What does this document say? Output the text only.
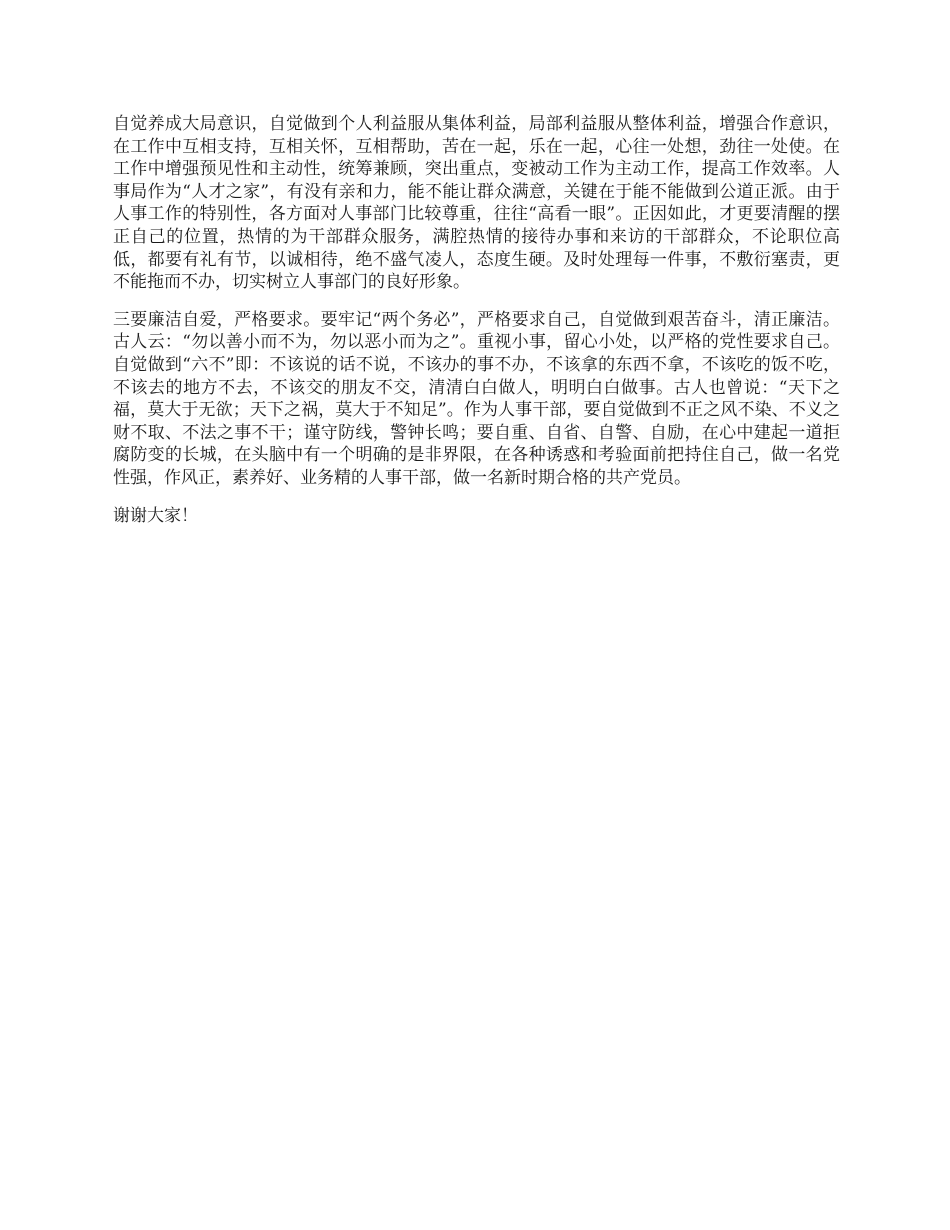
自觉养成大局意识，自觉做到个人利益服从集体利益，局部利益服从整体利益，增强合作意识，在工作中互相支持，互相关怀，互相帮助，苦在一起，乐在一起，心往一处想，劲往一处使。在工作中增强预见性和主动性，统筹兼顾，突出重点，变被动工作为主动工作，提高工作效率。人事局作为“人才之家”，有没有亲和力，能不能让群众满意，关键在于能不能做到公道正派。由于人事工作的特别性，各方面对人事部门比较尊重，往往“高看一眼”。正因如此，才更要清醒的摆正自己的位置，热情的为干部群众服务，满腔热情的接待办事和来访的干部群众，不论职位高低，都要有礼有节，以诚相待，绝不盛气凌人，态度生硬。及时处理每一件事，不敷衍塞责，更不能拖而不办，切实树立人事部门的良好形象。

三要廉洁自爱，严格要求。要牢记“两个务必”，严格要求自己，自觉做到艰苦奋斗，清正廉洁。古人云：“勿以善小而不为，勿以恶小而为之”。重视小事，留心小处，以严格的党性要求自己。自觉做到“六不”即：不该说的话不说，不该办的事不办，不该拿的东西不拿，不该吃的饭不吃，不该去的地方不去，不该交的朋友不交，清清白白做人，明明白白做事。古人也曾说：“天下之福，莫大于无欲；天下之祸，莫大于不知足”。作为人事干部，要自觉做到不正之风不染、不义之财不取、不法之事不干；谨守防线，警钟长鸣；要自重、自省、自警、自励，在心中建起一道拒腐防变的长城，在头脑中有一个明确的是非界限，在各种诱惑和考验面前把持住自己，做一名党性强，作风正，素养好、业务精的人事干部，做一名新时期合格的共产党员。

谢谢大家！
